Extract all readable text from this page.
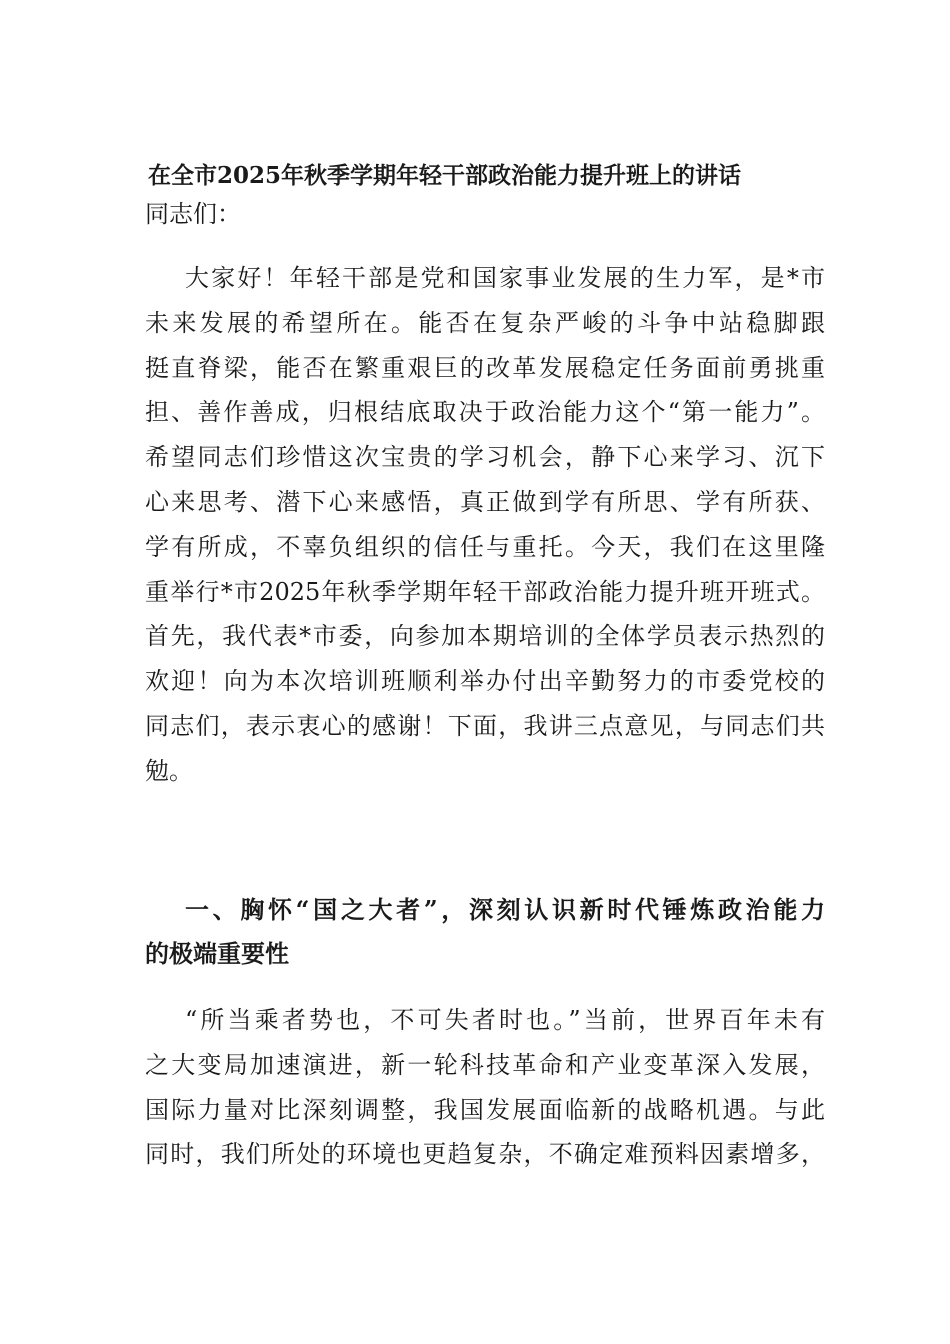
在全市2025年秋季学期年轻干部政治能力提升班上的讲话
同志们：
大家好！年轻干部是党和国家事业发展的生力军，是*市
未来发展的希望所在。能否在复杂严峻的斗争中站稳脚跟
挺直脊梁，能否在繁重艰巨的改革发展稳定任务面前勇挑重
担、善作善成，归根结底取决于政治能力这个“第一能力”。
希望同志们珍惜这次宝贵的学习机会，静下心来学习、沉下
心来思考、潜下心来感悟，真正做到学有所思、学有所获、
学有所成，不辜负组织的信任与重托。今天，我们在这里隆
重举行*市2025年秋季学期年轻干部政治能力提升班开班式。
首先，我代表*市委，向参加本期培训的全体学员表示热烈的
欢迎！向为本次培训班顺利举办付出辛勤努力的市委党校的
同志们，表示衷心的感谢！下面，我讲三点意见，与同志们共
勉。
一、胸怀“国之大者”，深刻认识新时代锤炼政治能力
的极端重要性
“所当乘者势也，不可失者时也。”当前，世界百年未有
之大变局加速演进，新一轮科技革命和产业变革深入发展，
国际力量对比深刻调整，我国发展面临新的战略机遇。与此
同时，我们所处的环境也更趋复杂，不确定难预料因素增多，
